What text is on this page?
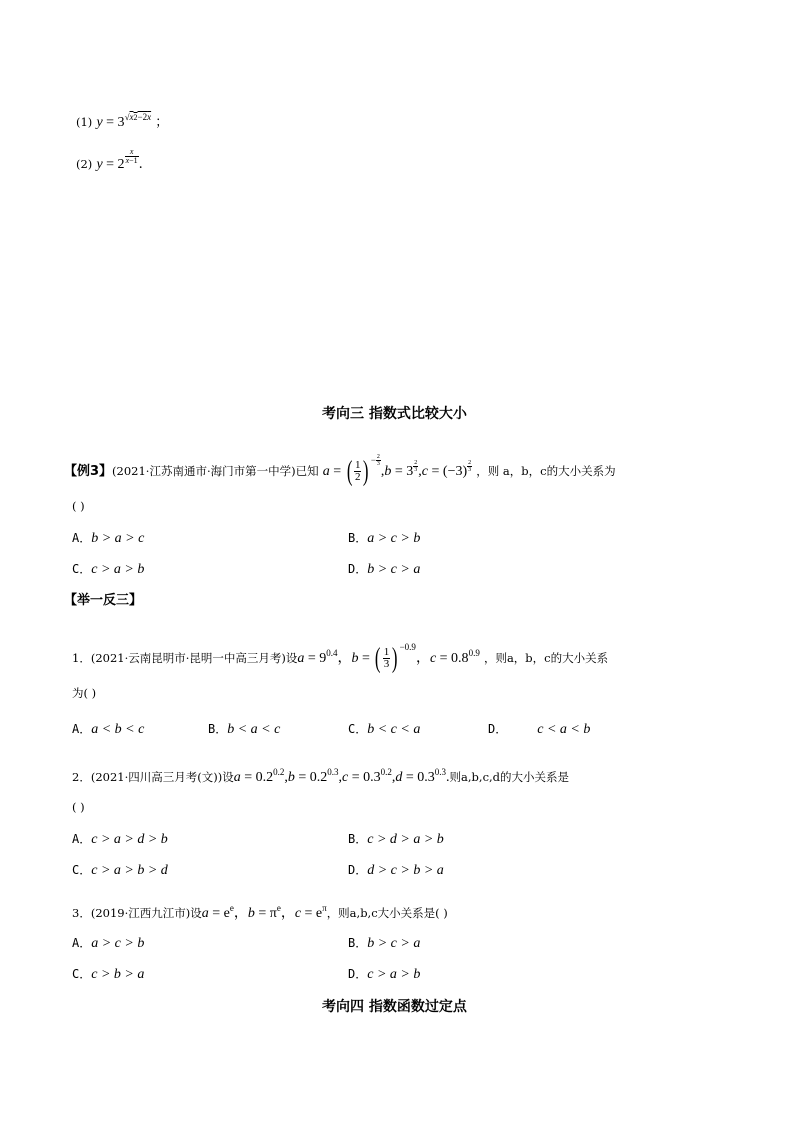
(1) $y = 3^{√x2-2x}$ ；
(2) $y = 2 \frac{x}{x-1}$ .
考向三 指数式比较大小
【例3】(2021·江苏南通市·海门市第一中学)已知 a = ( $\frac{1}{2}$ ) $^{- \frac{2}{3}}$
,b = 3 $^{\frac{2}{3}}$ ,c = (−3) $^{\frac{2}{3}}$ ，则 a，b，c的大小关系为
( )
A．b > a > c	B．a > c > b
C．c > a > b	D．b > c > a
【举一反三】
1．(2021·云南昆明市·昆明一中高三月考)设$a = 9^{0.4}$，b = ( $\frac{1}{3}$ ) $^{-0.9}$，$c = 0.8^{0.9}$ ，则a，b，c的大小关系
为( )
A．a < b < c	B．b < a < c	C．b < c < a	D． c < a < b
2．(2021·四川高三月考(文))设$a = 0.2^{0.2},b = 0.2^{0.3},c = 0.3^{0.2},d = 0.3^{0.3}$.则a,b,c,d的大小关系是
( )
A．c > a > d > b	B．c > d > a > b
C．c > a > b > d	D．d > c > b > a
3．(2019·江西九江市)设$a = e^e$，$b = \pi^e$，$c = e^\pi$，则a,b,c大小关系是( )
A．a > c > b	B．b > c > a
C．c > b > a	D．c > a > b
考向四 指数函数过定点
